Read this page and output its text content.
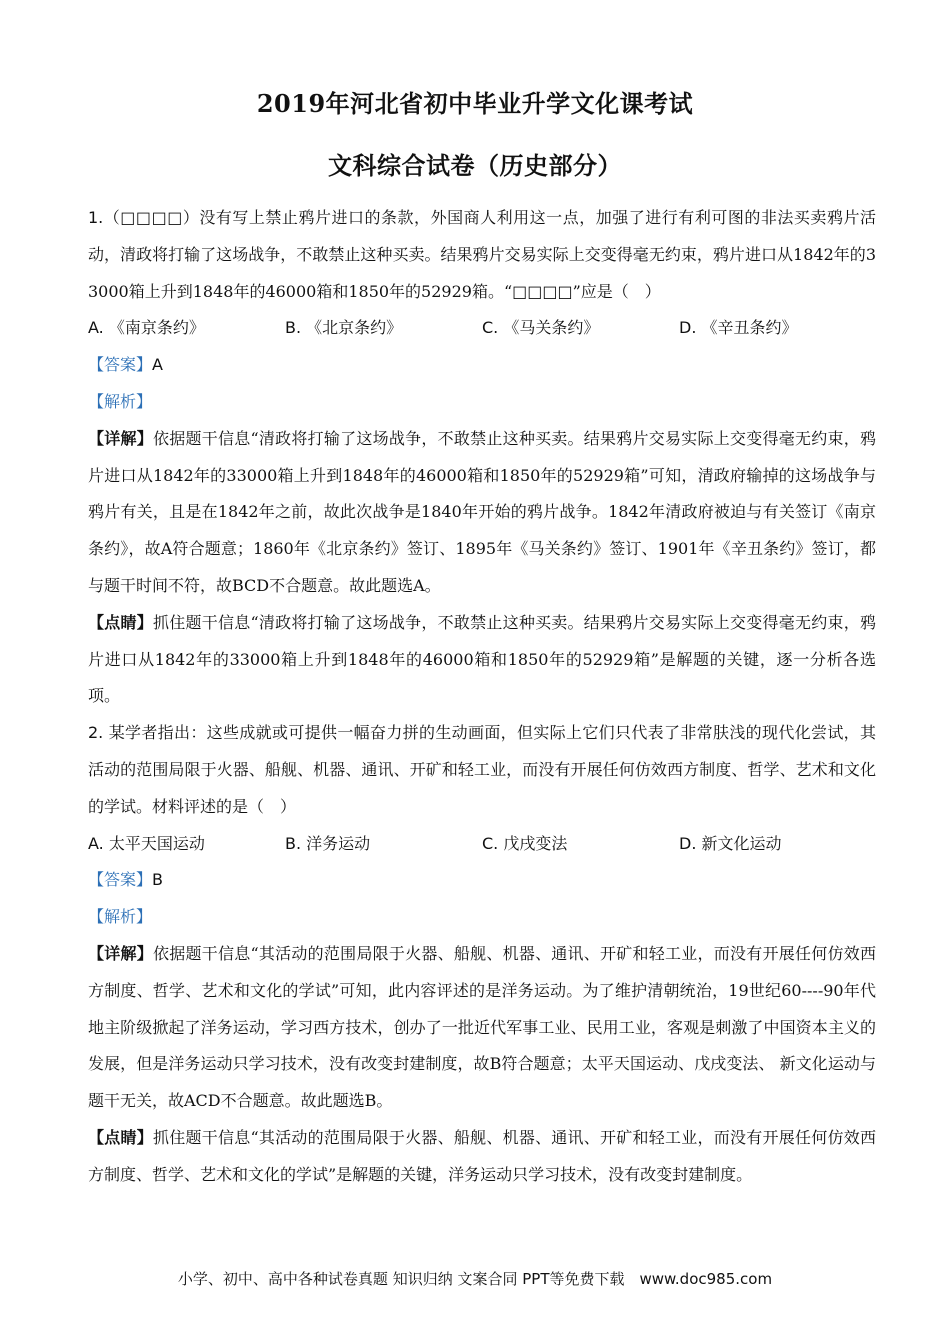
2019年河北省初中毕业升学文化课考试
文科综合试卷（历史部分）

1.（□□□□）没有写上禁止鸦片进口的条款，外国商人利用这一点，加强了进行有利可图的非法买卖鸦片活动，清政将打输了这场战争，不敢禁止这种买卖。结果鸦片交易实际上交变得毫无约束，鸦片进口从1842年的33000箱上升到1848年的46000箱和1850年的52929箱。“□□□□”应是（　）

A. 《南京条约》	B. 《北京条约》	C. 《马关条约》	D. 《辛丑条约》

【答案】A

【解析】

【详解】依据题干信息“清政将打输了这场战争，不敢禁止这种买卖。结果鸦片交易实际上交变得毫无约束，鸦片进口从1842年的33000箱上升到1848年的46000箱和1850年的52929箱”可知，清政府输掉的这场战争与鸦片有关，且是在1842年之前，故此次战争是1840年开始的鸦片战争。1842年清政府被迫与有关签订《南京条约》，故A符合题意；1860年《北京条约》签订、1895年《马关条约》签订、1901年《辛丑条约》签订，都与题干时间不符，故BCD不合题意。故此题选A。

【点睛】抓住题干信息“清政将打输了这场战争，不敢禁止这种买卖。结果鸦片交易实际上交变得毫无约束，鸦片进口从1842年的33000箱上升到1848年的46000箱和1850年的52929箱”是解题的关键，逐一分析各选项。

2. 某学者指出：这些成就或可提供一幅奋力拼的生动画面，但实际上它们只代表了非常肤浅的现代化尝试，其活动的范围局限于火器、船舰、机器、通讯、开矿和轻工业，而没有开展任何仿效西方制度、哲学、艺术和文化的学试。材料评述的是（　）

A. 太平天国运动	B. 洋务运动	C. 戊戌变法	D. 新文化运动

【答案】B

【解析】

【详解】依据题干信息“其活动的范围局限于火器、船舰、机器、通讯、开矿和轻工业，而没有开展任何仿效西方制度、哲学、艺术和文化的学试”可知，此内容评述的是洋务运动。为了维护清朝统治，19世纪60----90年代地主阶级掀起了洋务运动，学习西方技术，创办了一批近代军事工业、民用工业，客观是刺激了中国资本主义的发展，但是洋务运动只学习技术，没有改变封建制度，故B符合题意；太平天国运动、戊戌变法、 新文化运动与题干无关，故ACD不合题意。故此题选B。

【点睛】抓住题干信息“其活动的范围局限于火器、船舰、机器、通讯、开矿和轻工业，而没有开展任何仿效西方制度、哲学、艺术和文化的学试”是解题的关键，洋务运动只学习技术，没有改变封建制度。

小学、初中、高中各种试卷真题 知识归纳 文案合同 PPT等免费下载　www.doc985.com
